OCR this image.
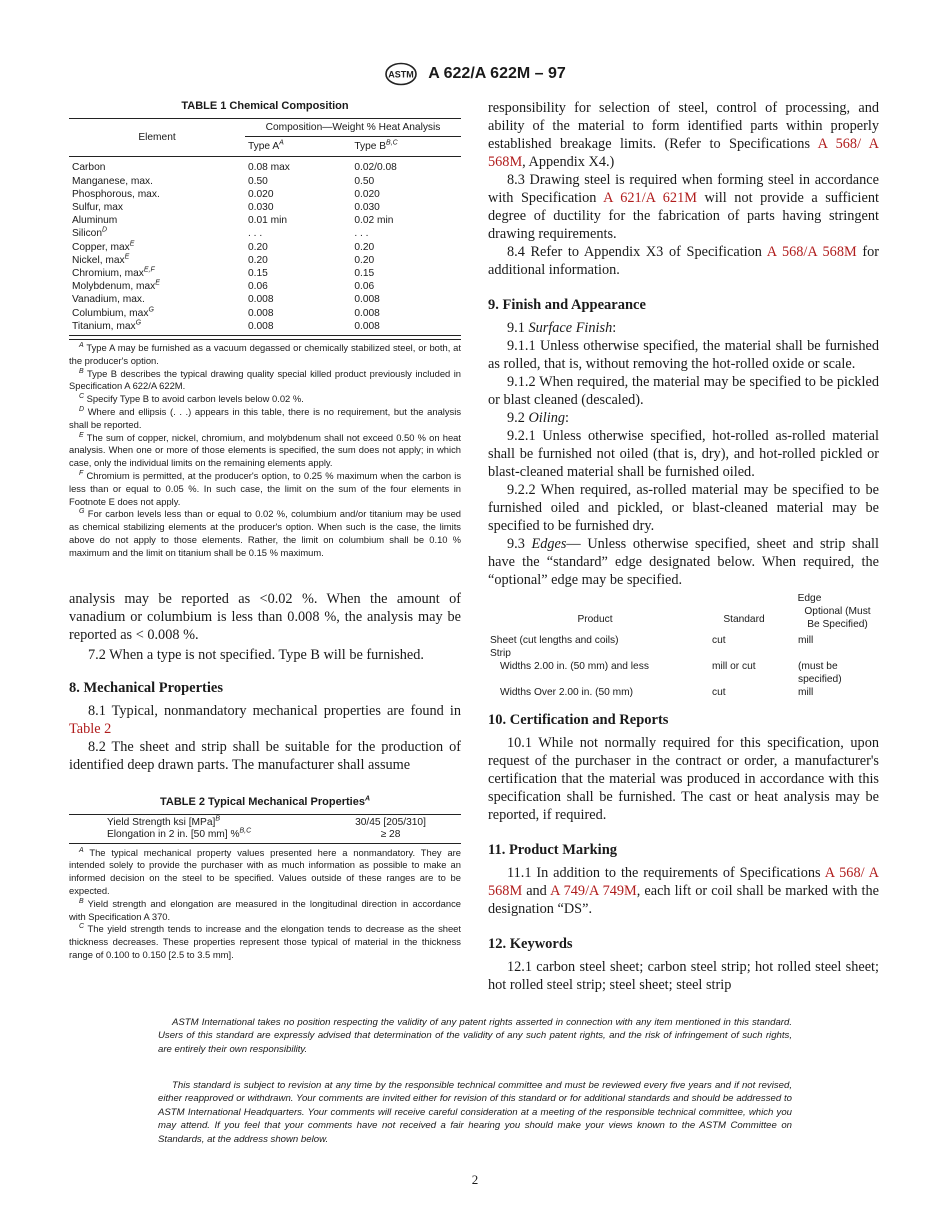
ASTM A 622/A 622M – 97
TABLE 1 Chemical Composition
Element	Composition—Weight % Heat Analysis	
	Type $A^A$	Type $B^{B,C}$
Carbon	0.08 max	0.02/0.08
Manganese, max.	0.50	0.50
Phosphorous, max.	0.020	0.020
Sulfur, max	0.030	0.030
Aluminum	0.01 min	0.02 min
Silicon$^D$	. . .	. . .
Copper, $\max^E$	0.20	0.20
Nickel, $\max^E$	0.20	0.20
Chromium, $\max^{E,F}$	0.15	0.15
Molybdenum, $\max^E$	0.06	0.06
Vanadium, max.	0.008	0.008
Columbium, $\max^G$	0.008	0.008
Titanium, $\max^G$	0.008	0.008

$^A$ Type A may be furnished as a vacuum degassed or chemically stabilized steel, or both, at the producer's option.

$^B$ Type B describes the typical drawing quality special killed product previously included in Specification A 622/A 622M.

$^C$ Specify Type B to avoid carbon levels below 0.02 %.

$^D$ Where and ellipsis (. . .) appears in this table, there is no requirement, but the analysis shall be reported.

$^E$ The sum of copper, nickel, chromium, and molybdenum shall not exceed 0.50 % on heat analysis. When one or more of those elements is specified, the sum does not apply; in which case, only the individual limits on the remaining elements apply.

$^F$ Chromium is permitted, at the producer's option, to 0.25 % maximum when the carbon is less than or equal to 0.05 %. In such case, the limit on the sum of the four elements in Footnote E does not apply.

$^G$ For carbon levels less than or equal to 0.02 %, columbium and/or titanium may be used as chemical stabilizing elements at the producer's option. When such is the case, the limits above do not apply to those elements. Rather, the limit on columbium shall be 0.10 % maximum and the limit on titanium shall be 0.15 % maximum.

analysis may be reported as <0.02 %. When the amount of vanadium or columbium is less than 0.008 %, the analysis may be reported as < 0.008 %.

7.2 When a type is not specified. Type B will be furnished.

8. Mechanical Properties

8.1 Typical, nonmandatory mechanical properties are found in Table 2

8.2 The sheet and strip shall be suitable for the production of identified deep drawn parts. The manufacturer shall assume

TABLE 2 Typical Mechanical Properties$^A$
Yield Strength ksi [MPa]$^B$	30/45 [205/310]
Elongation in 2 in. [50 mm] %$^{B,C}$	≥ 28

$^A$ The typical mechanical property values presented here a nonmandatory. They are intended solely to provide the purchaser with as much information as possible to make an informed decision on the steel to be specified. Values outside of these ranges are to be expected.

$^B$ Yield strength and elongation are measured in the longitudinal direction in accordance with Specification A 370.

$^C$ The yield strength tends to increase and the elongation tends to decrease as the sheet thickness decreases. These properties represent those typical of material in the thickness range of 0.100 to 0.150 [2.5 to 3.5 mm].

responsibility for selection of steel, control of processing, and ability of the material to form identified parts within properly established breakage limits. (Refer to Specifications A 568/ A 568M, Appendix X4.)

8.3 Drawing steel is required when forming steel in accordance with Specification A 621/A 621M will not provide a sufficient degree of ductility for the fabrication of parts having stringent drawing requirements.

8.4 Refer to Appendix X3 of Specification A 568/A 568M for additional information.

9. Finish and Appearance

9.1 Surface Finish:

9.1.1 Unless otherwise specified, the material shall be furnished as rolled, that is, without removing the hot-rolled oxide or scale.

9.1.2 When required, the material may be specified to be pickled or blast cleaned (descaled).

9.2 Oiling:

9.2.1 Unless otherwise specified, hot-rolled as-rolled material shall be furnished not oiled (that is, dry), and hot-rolled pickled or blast-cleaned material shall be furnished oiled.

9.2.2 When required, as-rolled material may be specified to be furnished oiled and pickled, or blast-cleaned material may be specified to be furnished dry.

9.3 Edges— Unless otherwise specified, sheet and strip shall have the “standard” edge designated below. When required, the “optional” edge may be specified.

	Edge	
Product	Standard	Optional (Must Be Specified)
Sheet (cut lengths and coils)	cut	mill
Strip		
Widths 2.00 in. (50 mm) and less	mill or cut	(must be specified)
Widths Over 2.00 in. (50 mm)	cut	mill
10. Certification and Reports

10.1 While not normally required for this specification, upon request of the purchaser in the contract or order, a manufacturer's certification that the material was produced in accordance with this specification shall be furnished. The cast or heat analysis may be reported, if required.

11. Product Marking

11.1 In addition to the requirements of Specifications A 568/ A 568M and A 749/A 749M, each lift or coil shall be marked with the designation “DS”.

12. Keywords

12.1 carbon steel sheet; carbon steel strip; hot rolled steel sheet; hot rolled steel strip; steel sheet; steel strip

ASTM International takes no position respecting the validity of any patent rights asserted in connection with any item mentioned in this standard. Users of this standard are expressly advised that determination of the validity of any such patent rights, and the risk of infringement of such rights, are entirely their own responsibility.

This standard is subject to revision at any time by the responsible technical committee and must be reviewed every five years and if not revised, either reapproved or withdrawn. Your comments are invited either for revision of this standard or for additional standards and should be addressed to ASTM International Headquarters. Your comments will receive careful consideration at a meeting of the responsible technical committee, which you may attend. If you feel that your comments have not received a fair hearing you should make your views known to the ASTM Committee on Standards, at the address shown below.

2
